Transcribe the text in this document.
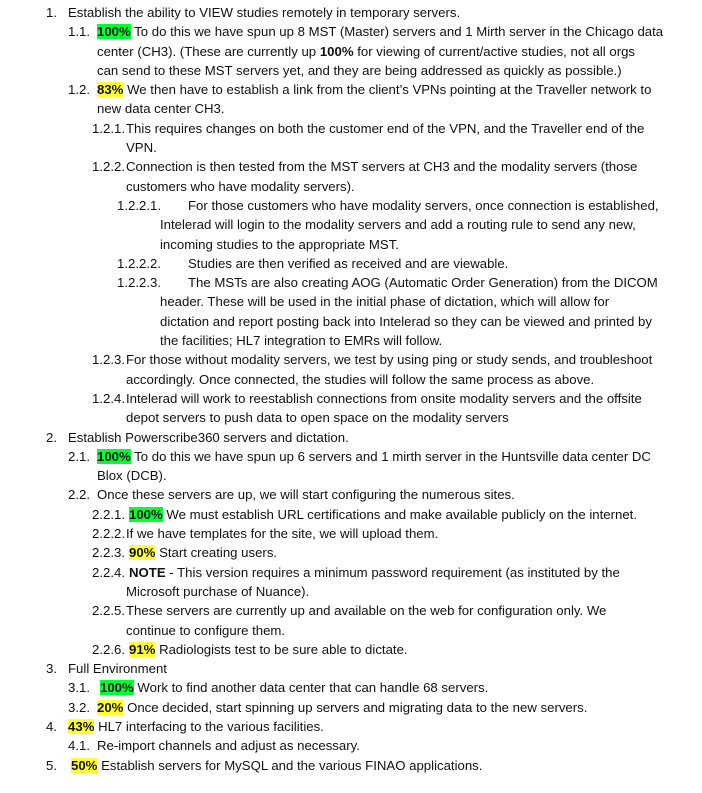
1. Establish the ability to VIEW studies remotely in temporary servers.
1.1. 100% To do this we have spun up 8 MST (Master) servers and 1 Mirth server in the Chicago data
center (CH3). (These are currently up 100% for viewing of current/active studies, not all orgs
can send to these MST servers yet, and they are being addressed as quickly as possible.)
1.2. 83% We then have to establish a link from the client’s VPNs pointing at the Traveller network to
new data center CH3.
1.2.1. This requires changes on both the customer end of the VPN, and the Traveller end of the
VPN.
1.2.2. Connection is then tested from the MST servers at CH3 and the modality servers (those
customers who have modality servers).
1.2.2.1. For those customers who have modality servers, once connection is established,
Intelerad will login to the modality servers and add a routing rule to send any new,
incoming studies to the appropriate MST.
1.2.2.2. Studies are then verified as received and are viewable.
1.2.2.3. The MSTs are also creating AOG (Automatic Order Generation) from the DICOM
header. These will be used in the initial phase of dictation, which will allow for
dictation and report posting back into Intelerad so they can be viewed and printed by
the facilities; HL7 integration to EMRs will follow.
1.2.3. For those without modality servers, we test by using ping or study sends, and troubleshoot
accordingly. Once connected, the studies will follow the same process as above.
1.2.4. Intelerad will work to reestablish connections from onsite modality servers and the offsite
depot servers to push data to open space on the modality servers
2. Establish Powerscribe360 servers and dictation.
2.1. 100% To do this we have spun up 6 servers and 1 mirth server in the Huntsville data center DC
Blox (DCB).
2.2. Once these servers are up, we will start configuring the numerous sites.
2.2.1. 100% We must establish URL certifications and make available publicly on the internet.
2.2.2. If we have templates for the site, we will upload them.
2.2.3. 90% Start creating users.
2.2.4. NOTE - This version requires a minimum password requirement (as instituted by the
Microsoft purchase of Nuance).
2.2.5. These servers are currently up and available on the web for configuration only. We
continue to configure them.
2.2.6. 91% Radiologists test to be sure able to dictate.
3. Full Environment
3.1. 100% Work to find another data center that can handle 68 servers.
3.2. 20% Once decided, start spinning up servers and migrating data to the new servers.
4. 43% HL7 interfacing to the various facilities.
4.1. Re-import channels and adjust as necessary.
5. 50% Establish servers for MySQL and the various FINAO applications.
